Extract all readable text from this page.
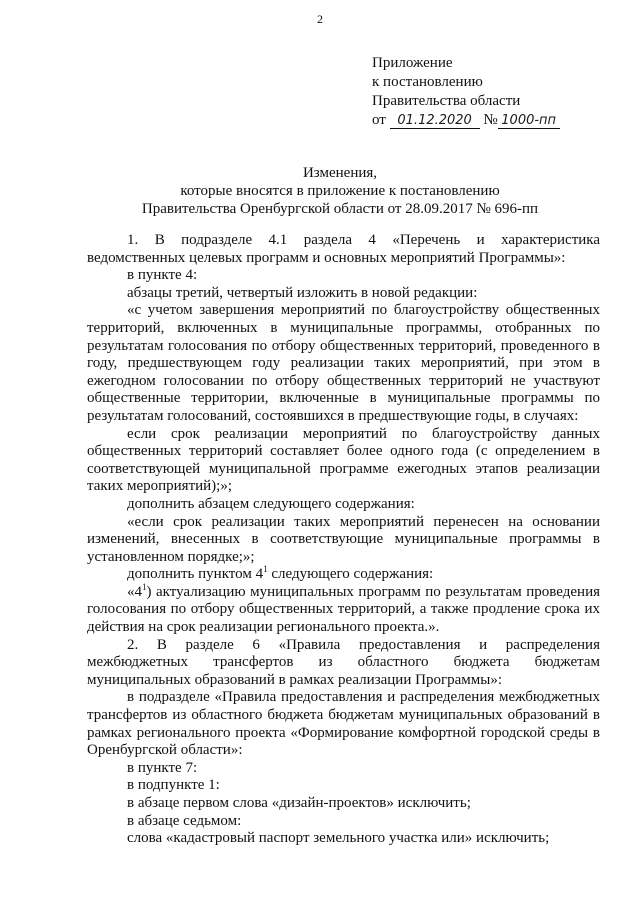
2
Приложение
к постановлению
Правительства области
от 01.12.2020 № 1000-пп
Изменения,
которые вносятся в приложение к постановлению
Правительства Оренбургской области от 28.09.2017 № 696-пп

1. В подразделе 4.1 раздела 4 «Перечень и характеристика ведомственных целевых программ и основных мероприятий Программы»:

в пункте 4:

абзацы третий, четвертый изложить в новой редакции:

«с учетом завершения мероприятий по благоустройству общественных территорий, включенных в муниципальные программы, отобранных по результатам голосования по отбору общественных территорий, проведенного в году, предшествующем году реализации таких мероприятий, при этом в ежегодном голосовании по отбору общественных территорий не участвуют общественные территории, включенные в муниципальные программы по результатам голосований, состоявшихся в предшествующие годы, в случаях:

если срок реализации мероприятий по благоустройству данных общественных территорий составляет более одного года (с определением в соответствующей муниципальной программе ежегодных этапов реализации таких мероприятий);»;

дополнить абзацем следующего содержания:

«если срок реализации таких мероприятий перенесен на основании изменений, внесенных в соответствующие муниципальные программы в установленном порядке;»;

дополнить пунктом $4^1$ следующего содержания:

«$4^1$) актуализацию муниципальных программ по результатам проведения голосования по отбору общественных территорий, а также продление срока их действия на срок реализации регионального проекта.».

2. В разделе 6 «Правила предоставления и распределения межбюджетных трансфертов из областного бюджета бюджетам муниципальных образований в рамках реализации Программы»:

в подразделе «Правила предоставления и распределения межбюджетных трансфертов из областного бюджета бюджетам муниципальных образований в рамках регионального проекта «Формирование комфортной городской среды в Оренбургской области»:

в пункте 7:

в подпункте 1:

в абзаце первом слова «дизайн-проектов» исключить;

в абзаце седьмом:

слова «кадастровый паспорт земельного участка или» исключить;
